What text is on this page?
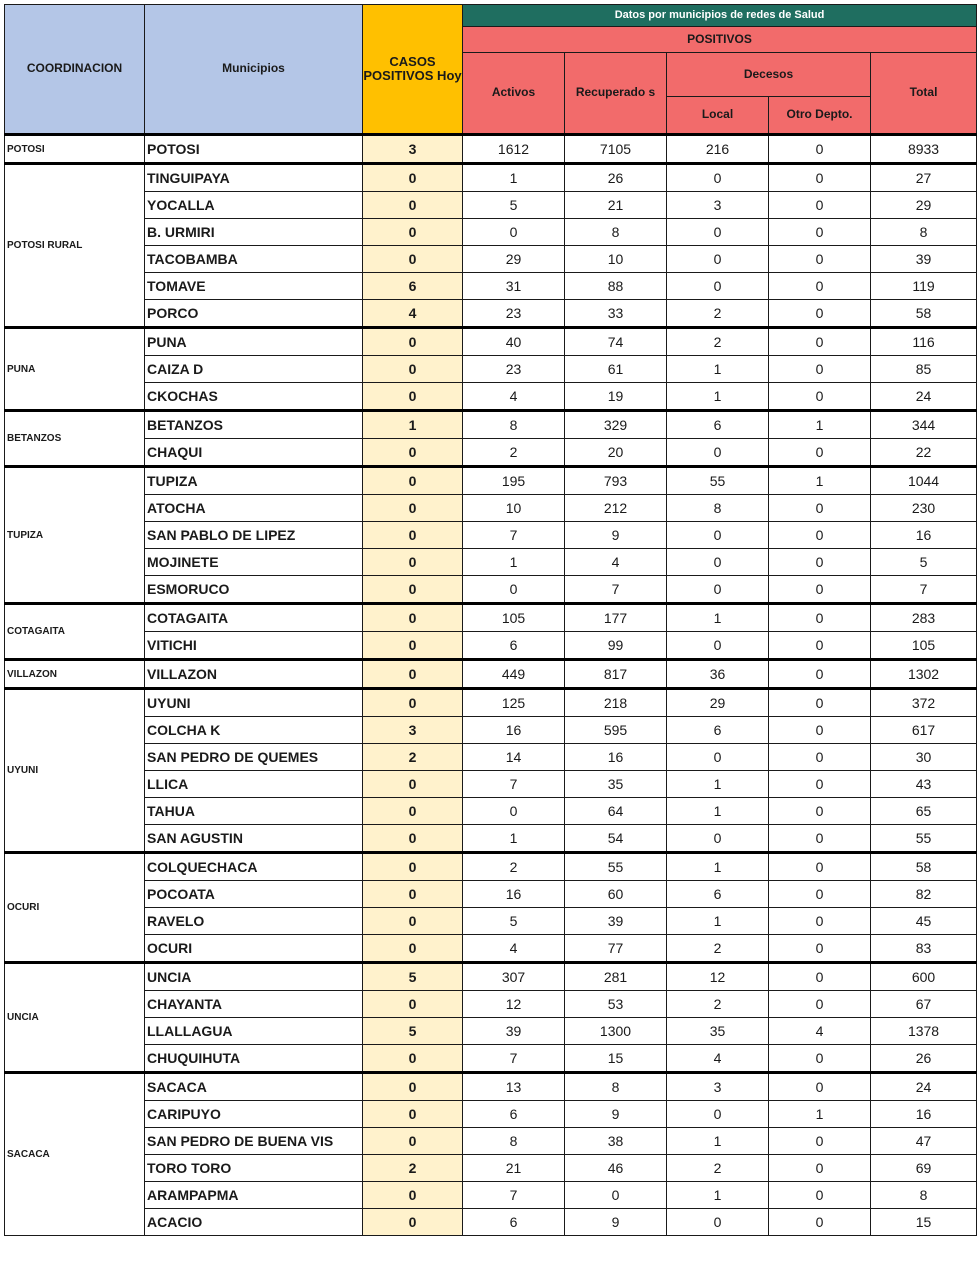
COORDINACION	Municipios	CASOS POSITIVOS Hoy	Datos por municipios de redes de Salud				
			POSITIVOS				
			Activos	Recuperado s	Decesos		Total
					Local	Otro Depto.	
POTOSI	POTOSI	3	1612	7105	216	0	8933
POTOSI RURAL	TINGUIPAYA	0	1	26	0	0	27
	YOCALLA	0	5	21	3	0	29
	B. URMIRI	0	0	8	0	0	8
	TACOBAMBA	0	29	10	0	0	39
	TOMAVE	6	31	88	0	0	119
	PORCO	4	23	33	2	0	58
PUNA	PUNA	0	40	74	2	0	116
	CAIZA D	0	23	61	1	0	85
	CKOCHAS	0	4	19	1	0	24
BETANZOS	BETANZOS	1	8	329	6	1	344
	CHAQUI	0	2	20	0	0	22
TUPIZA	TUPIZA	0	195	793	55	1	1044
	ATOCHA	0	10	212	8	0	230
	SAN PABLO DE LIPEZ	0	7	9	0	0	16
	MOJINETE	0	1	4	0	0	5
	ESMORUCO	0	0	7	0	0	7
COTAGAITA	COTAGAITA	0	105	177	1	0	283
	VITICHI	0	6	99	0	0	105
VILLAZON	VILLAZON	0	449	817	36	0	1302
UYUNI	UYUNI	0	125	218	29	0	372
	COLCHA K	3	16	595	6	0	617
	SAN PEDRO DE QUEMES	2	14	16	0	0	30
	LLICA	0	7	35	1	0	43
	TAHUA	0	0	64	1	0	65
	SAN AGUSTIN	0	1	54	0	0	55
OCURI	COLQUECHACA	0	2	55	1	0	58
	POCOATA	0	16	60	6	0	82
	RAVELO	0	5	39	1	0	45
	OCURI	0	4	77	2	0	83
UNCIA	UNCIA	5	307	281	12	0	600
	CHAYANTA	0	12	53	2	0	67
	LLALLAGUA	5	39	1300	35	4	1378
	CHUQUIHUTA	0	7	15	4	0	26
SACACA	SACACA	0	13	8	3	0	24
	CARIPUYO	0	6	9	0	1	16
	SAN PEDRO DE BUENA VIS	0	8	38	1	0	47
	TORO TORO	2	21	46	2	0	69
	ARAMPAPMA	0	7	0	1	0	8
	ACACIO	0	6	9	0	0	15
